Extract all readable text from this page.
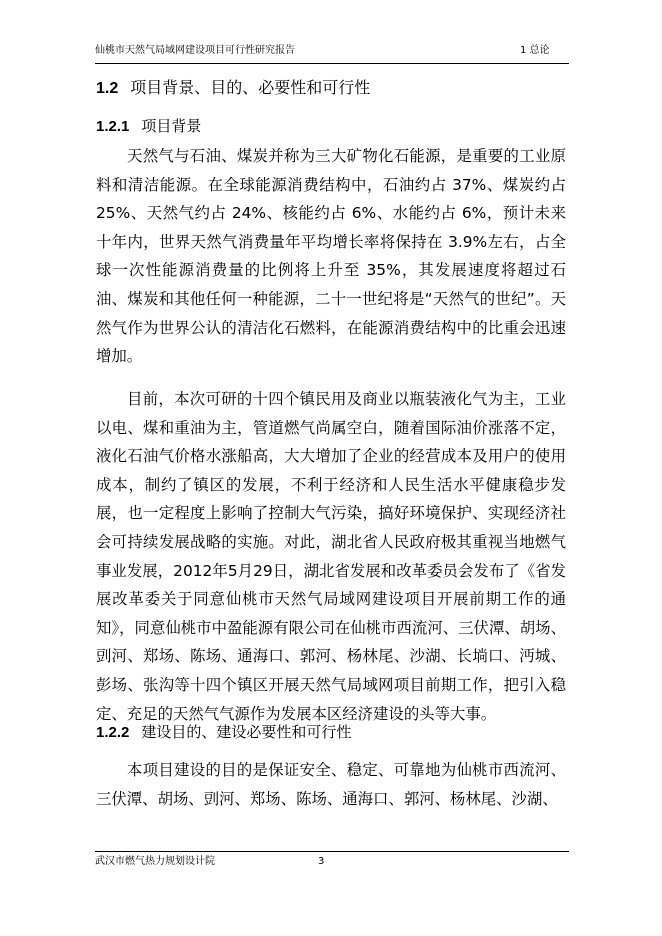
仙桃市天然气局域网建设项目可行性研究报告	1 总论
1.2 项目背景、目的、必要性和可行性
1.2.1 项目背景

天然气与石油、煤炭并称为三大矿物化石能源，是重要的工业原料和清洁能源。在全球能源消费结构中，石油约占 37%、煤炭约占 25%、天然气约占 24%、核能约占 6%、水能约占 6%，预计未来十年内，世界天然气消费量年平均增长率将保持在 3.9%左右，占全球一次性能源消费量的比例将上升至 35%，其发展速度将超过石油、煤炭和其他任何一种能源，二十一世纪将是“天然气的世纪”。天然气作为世界公认的清洁化石燃料，在能源消费结构中的比重会迅速增加。

目前，本次可研的十四个镇民用及商业以瓶装液化气为主，工业以电、煤和重油为主，管道燃气尚属空白，随着国际油价涨落不定，液化石油气价格水涨船高，大大增加了企业的经营成本及用户的使用成本，制约了镇区的发展，不利于经济和人民生活水平健康稳步发展，也一定程度上影响了控制大气污染，搞好环境保护、实现经济社会可持续发展战略的实施。对此，湖北省人民政府极其重视当地燃气事业发展，2012年5月29日，湖北省发展和改革委员会发布了《省发展改革委关于同意仙桃市天然气局域网建设项目开展前期工作的通知》，同意仙桃市中盈能源有限公司在仙桃市西流河、三伏潭、胡场、剅河、郑场、陈场、通海口、郭河、杨林尾、沙湖、长埫口、沔城、彭场、张沟等十四个镇区开展天然气局域网项目前期工作，把引入稳定、充足的天然气气源作为发展本区经济建设的头等大事。

1.2.2 建设目的、建设必要性和可行性

本项目建设的目的是保证安全、稳定、可靠地为仙桃市西流河、三伏潭、胡场、剅河、郑场、陈场、通海口、郭河、杨林尾、沙湖、

武汉市燃气热力规划设计院	3
